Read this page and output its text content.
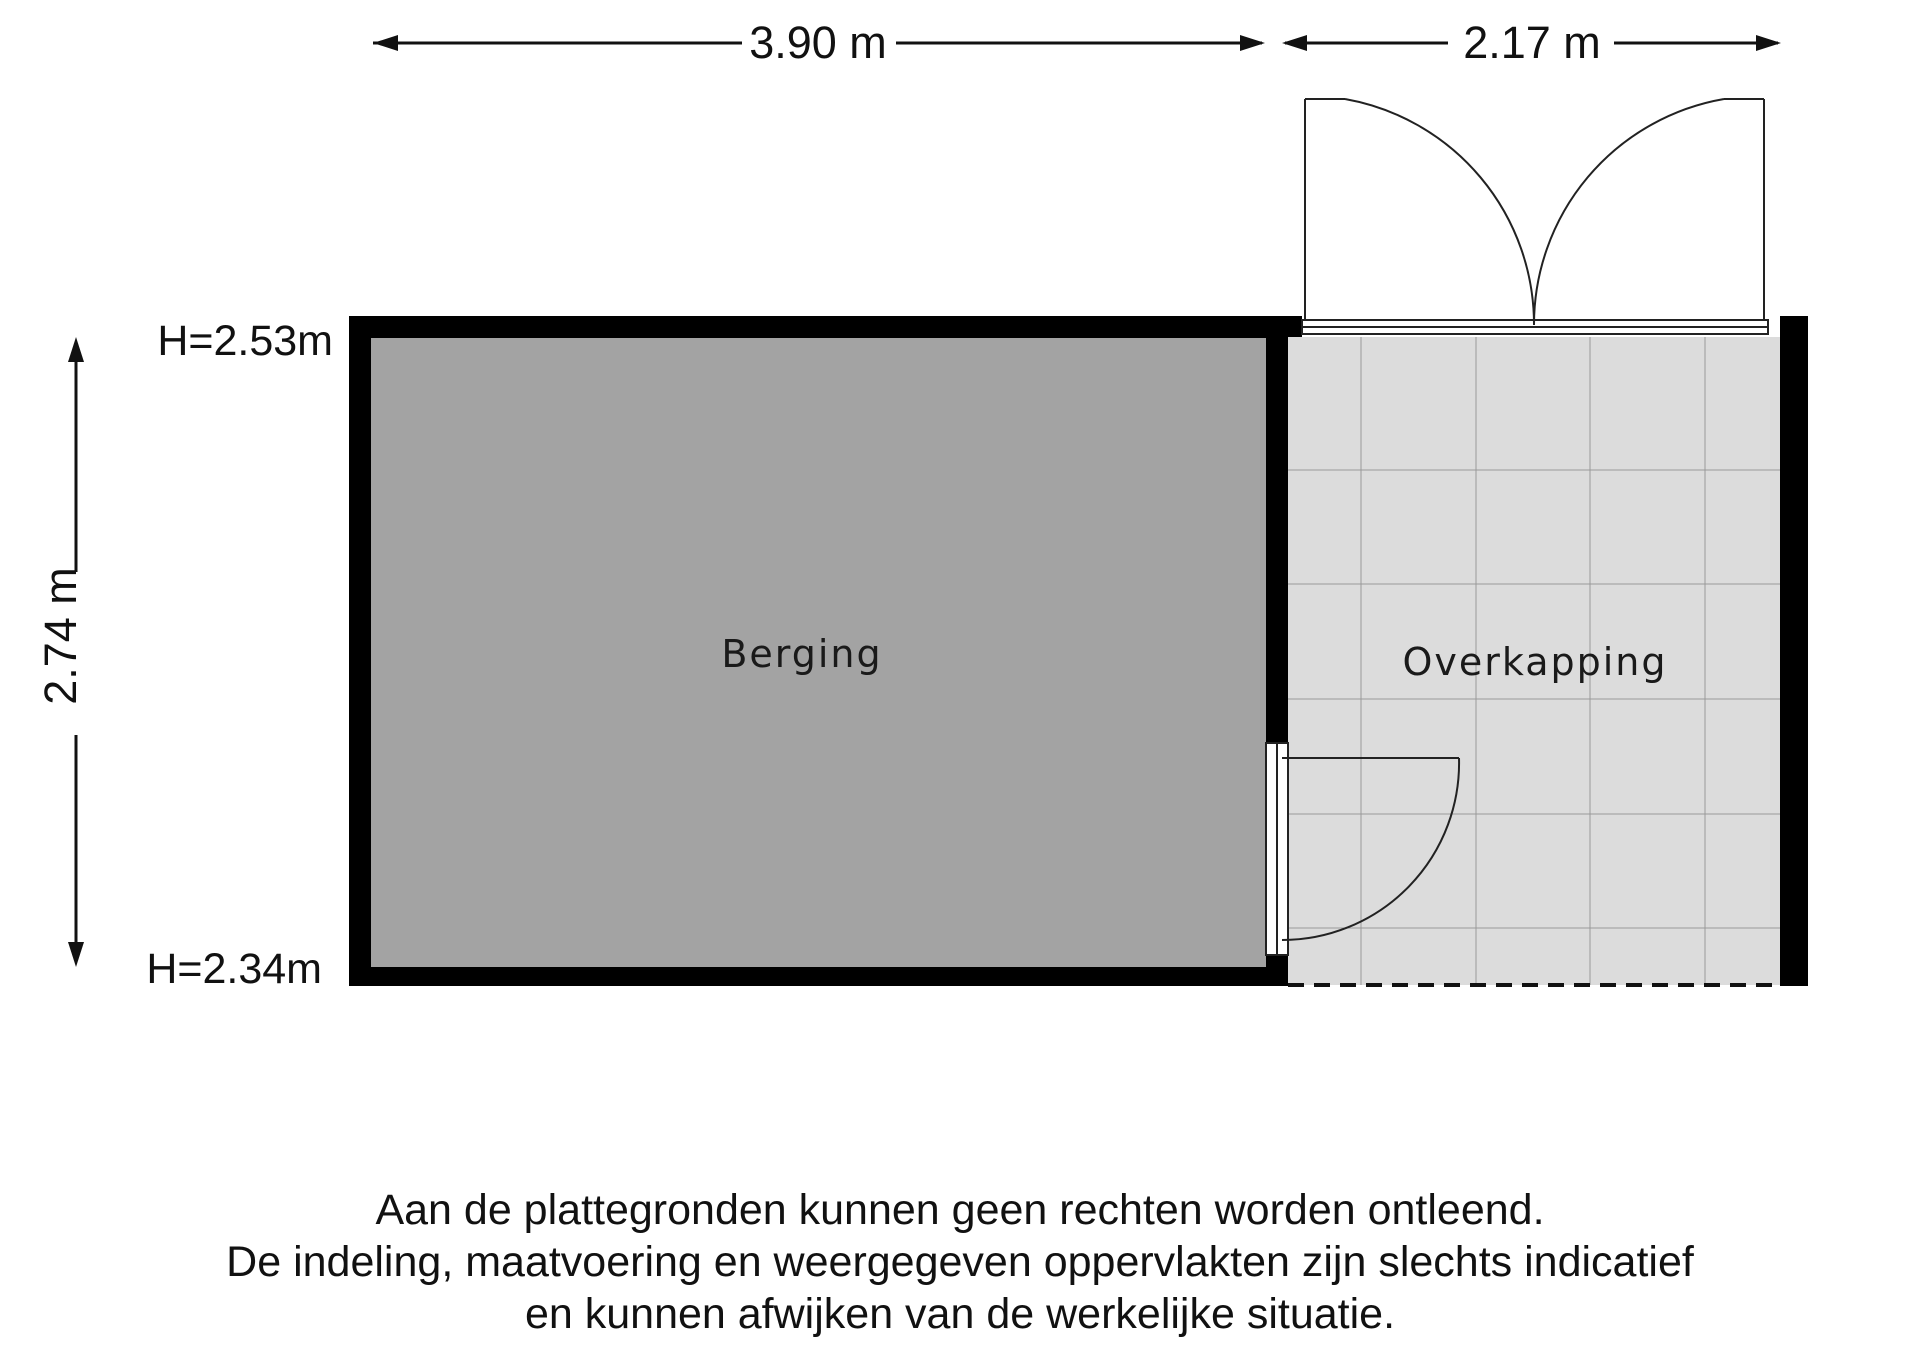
3.90 m	2.17 m
2.74 m
H=2.53m
H=2.34m
Berging	Overkapping
Aan de plattegronden kunnen geen rechten worden ontleend.
De indeling, maatvoering en weergegeven oppervlakten zijn slechts indicatief
en kunnen afwijken van de werkelijke situatie.
